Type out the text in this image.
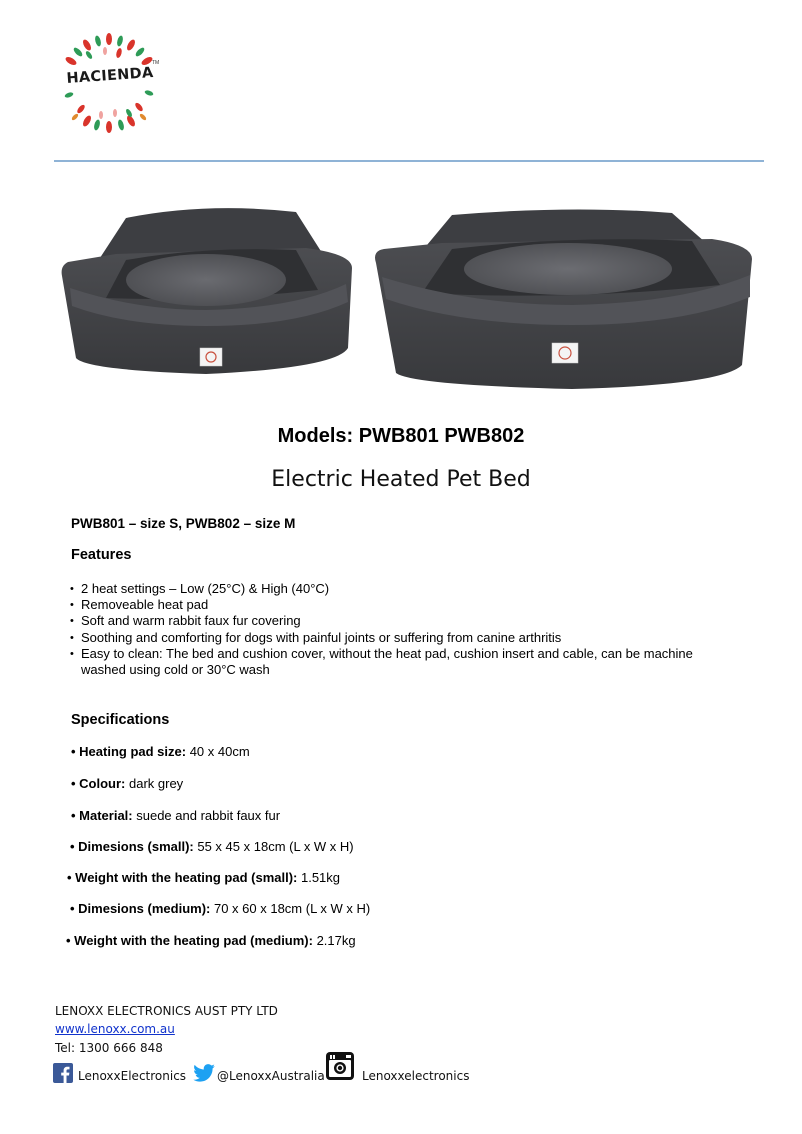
HACIENDA
TM
Models: PWB801 PWB802
Electric Heated Pet Bed
PWB801 – size S, PWB802 – size M
Features
• 2 heat settings – Low (25°C) & High (40°C)
• Removeable heat pad
• Soft and warm rabbit faux fur covering
• Soothing and comforting for dogs with painful joints or suffering from canine arthritis
• Easy to clean: The bed and cushion cover, without the heat pad, cushion insert and cable, can be machine washed using cold or 30°C wash
Specifications
• Heating pad size: 40 x 40cm
• Colour: dark grey
• Material: suede and rabbit faux fur
• Dimesions (small): 55 x 45 x 18cm (L x W x H)
• Weight with the heating pad (small): 1.51kg
• Dimesions (medium): 70 x 60 x 18cm (L x W x H)
• Weight with the heating pad (medium): 2.17kg
LENOXX ELECTRONICS AUST PTY LTD
www.lenoxx.com.au
Tel: 1300 666 848
LenoxxElectronics	@LenoxxAustralia	Lenoxxelectronics
